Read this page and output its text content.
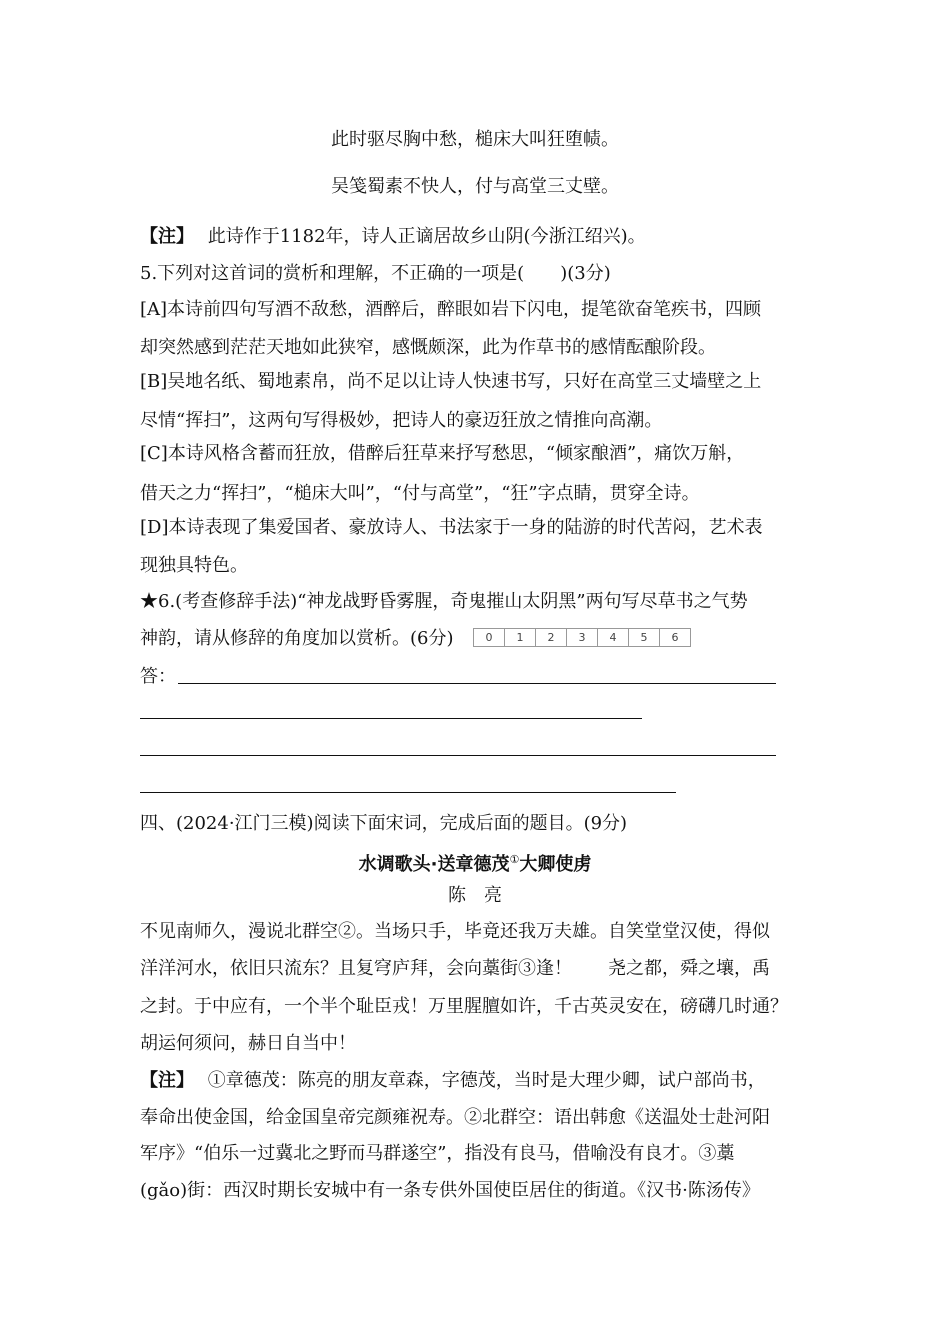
此时驱尽胸中愁，槌床大叫狂堕帻。
吴笺蜀素不快人，付与高堂三丈壁。
【注】 此诗作于1182年，诗人正谪居故乡山阴(今浙江绍兴)。
5.下列对这首词的赏析和理解，不正确的一项是(　　)(3分)
[A]本诗前四句写酒不敌愁，酒醉后，醉眼如岩下闪电，提笔欲奋笔疾书，四顾
却突然感到茫茫天地如此狭窄，感慨颇深，此为作草书的感情酝酿阶段。
[B]吴地名纸、蜀地素帛，尚不足以让诗人快速书写，只好在高堂三丈墙壁之上
尽情“挥扫”，这两句写得极妙，把诗人的豪迈狂放之情推向高潮。
[C]本诗风格含蓄而狂放，借醉后狂草来抒写愁思，“倾家酿酒”，痛饮万斛，
借天之力“挥扫”，“槌床大叫”，“付与高堂”，“狂”字点睛，贯穿全诗。
[D]本诗表现了集爱国者、豪放诗人、书法家于一身的陆游的时代苦闷，艺术表
现独具特色。
★6.(考查修辞手法)“神龙战野昏雾腥，奇鬼摧山太阴黑”两句写尽草书之气势
神韵，请从修辞的角度加以赏析。(6分)	0	1	2	3	4	5	6
答：
四、(2024·江门三模)阅读下面宋词，完成后面的题目。(9分)
水调歌头·送章德茂①大卿使虏
陈　亮
不见南师久，漫说北群空②。当场只手，毕竟还我万夫雄。自笑堂堂汉使，得似
洋洋河水，依旧只流东？且复穹庐拜，会向藁街③逢！　　尧之都，舜之壤，禹
之封。于中应有，一个半个耻臣戎！万里腥膻如许，千古英灵安在，磅礴几时通？
胡运何须问，赫日自当中！
【注】 ①章德茂：陈亮的朋友章森，字德茂，当时是大理少卿，试户部尚书，
奉命出使金国，给金国皇帝完颜雍祝寿。②北群空：语出韩愈《送温处士赴河阳
军序》“伯乐一过冀北之野而马群遂空”，指没有良马，借喻没有良才。③藁
(gǎo)街：西汉时期长安城中有一条专供外国使臣居住的街道。《汉书·陈汤传》
